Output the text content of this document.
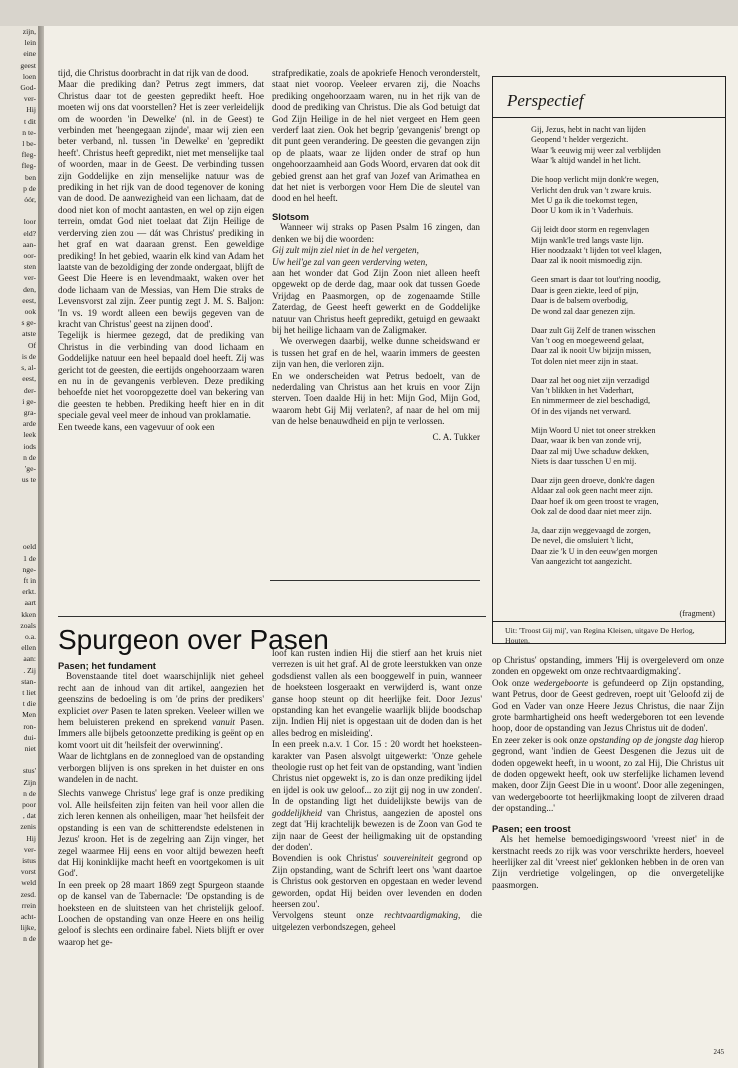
zijn,
lein
eine
geest
loen
God-
ver-
Hij
t dit
n te-
l be-
fleg-
fleg-
ben
p de
óór,

loor
eld?
aan-
oor-
sten
ver-
den,
eest,
ook
s ge-
atste
Of
is de
s, al-
eest,
der-
i ge-
gra-
arde
leek
iods
n de
'ge-
us te

oeld
1 de
nge-
ft in
erkt.
aart
kken
zoals
o.a.
ellen
aan:
. Zij
stan-
t liet
t die
Men
ron-
dui-
niet

stus'
Zijn
n de
poor
, dat
zenis
Hij
ver-
istus
vorst
weld
zesd.
rrein
acht-
lijke,
n de

tijd, die Christus doorbracht in dat rijk van de dood.

Maar die prediking dan? Petrus zegt immers, dat Christus daar tot de geesten gepredikt heeft. Hoe moeten wij ons dat voorstellen? Het is zeer verleidelijk om de woorden 'in Dewelke' (nl. in de Geest) te verbinden met 'heengegaan zijnde', maar wij zien een beter verband, nl. tussen 'in Dewelke' en 'gepredikt heeft'. Christus heeft gepredikt, niet met menselijke taal of woorden, maar in de Geest. De verbinding tussen zijn Goddelijke en zijn menselijke natuur was de prediking in het rijk van de dood tegenover de koning van de dood. De aanwezigheid van een lichaam, dat de dood niet kon of mocht aantasten, en wel op zijn eigen terrein, omdat God niet toelaat dat Zijn Heilige de verderving zien zou — dát was Christus' prediking in het graf en wat daaraan grenst. Een geweldige prediking! In het gebied, waarin elk kind van Adam het laatste van de bezoldiging der zonde ondergaat, blijft de Geest Die Heere is en levendmaakt, waken over het dode lichaam van de Messias, van Hem Die straks de Levensvorst zal zijn. Zeer puntig zegt J. M. S. Baljon: 'In vs. 19 wordt alleen een bewijs gegeven van de kracht van Christus' geest na zijnen dood'.

Tegelijk is hiermee gezegd, dat de prediking van Christus in die verbinding van dood lichaam en Goddelijke natuur een heel bepaald doel heeft. Zij was gericht tot de geesten, die eertijds ongehoorzaam waren en nu in de gevangenis verbleven. Deze prediking behoefde niet het vooropgezette doel van bekering van die geesten te hebben. Prediking heeft hier en in dit speciale geval veel meer de inhoud van proklamatie.

Een tweede kans, een vagevuur of ook een

strafpredikatie, zoals de apokriefe Henoch veronderstelt, staat niet voorop. Veeleer ervaren zij, die Noachs prediking ongehoorzaam waren, nu in het rijk van de dood de prediking van Christus. Die als God betuigt dat God Zijn Heilige in de hel niet vergeet en Hem geen verderf laat zien. Ook het begrip 'gevangenis' brengt op dit punt geen verandering. De geesten die gevangen zijn op de plaats, waar ze lijden onder de straf op hun ongehoorzaamheid aan Gods Woord, ervaren dat ook dit gebied grenst aan het graf van Jozef van Arimathea en dat het niet is verborgen voor Hem Die de sleutel van dood en hel heeft.

Slotsom

Wanneer wij straks op Pasen Psalm 16 zingen, dan denken we bij die woorden:
Gij zult mijn ziel niet in de hel vergeten,
Uw heil'ge zal van geen verderving weten,
aan het wonder dat God Zijn Zoon niet alleen heeft opgewekt op de derde dag, maar ook dat tussen Goede Vrijdag en Paasmorgen, op de zogenaamde Stille Zaterdag, de Geest heeft gewerkt en de Goddelijke natuur van Christus heeft gepredikt, getuigd en gewaakt bij het heilige lichaam van de Zaligmaker.

We overwegen daarbij, welke dunne scheidswand er is tussen het graf en de hel, waarin immers de geesten zijn van hen, die verloren zijn.

En we onderscheiden wat Petrus bedoelt, van de nederdaling van Christus aan het kruis en voor Zijn sterven. Toen daalde Hij in het: Mijn God, Mijn God, waarom hebt Gij Mij verlaten?, af naar de hel om mij van de helse benauwdheid en pijn te verlossen.

C. A. Tukker
Perspectief
Gij, Jezus, hebt in nacht van lijden
Geopend 't helder vergezicht.
Waar 'k eeuwig mij weer zal verblijden
Waar 'k altijd wandel in het licht.
Die hoop verlicht mijn donk're wegen,
Verlicht den druk van 't zware kruis.
Met U ga ik die toekomst tegen,
Door U kom ik in 't Vaderhuis.
Gij leidt door storm en regenvlagen
Mijn wank'le tred langs vaste lijn.
Hier noodzaakt 't lijden tot veel klagen,
Daar zal ik nooit mismoedig zijn.
Geen smart is daar tot lout'ring noodig,
Daar is geen ziekte, leed of pijn,
Daar is de balsem overbodig,
De wond zal daar genezen zijn.
Daar zult Gij Zelf de tranen wisschen
Van 't oog en moegeweend gelaat,
Daar zal ik nooit Uw bijzijn missen,
Tot dolen niet meer zijn in staat.
Daar zal het oog niet zijn verzadigd
Van 't blikken in het Vaderhart,
En nimmermeer de ziel beschadigd,
Of in des vijands net verward.
Mijn Woord U niet tot oneer strekken
Daar, waar ik ben van zonde vrij,
Daar zal mij Uwe schaduw dekken,
Niets is daar tusschen U en mij.
Daar zijn geen droeve, donk're dagen
Aldaar zal ook geen nacht meer zijn.
Daar hoef ik om geen troost te vragen,
Ook zal de dood daar niet meer zijn.
Ja, daar zijn weggevaagd de zorgen,
De nevel, die omsluiert 't licht,
Daar zie 'k U in den eeuw'gen morgen
Van aangezicht tot aangezicht.
(fragment)
Uit: 'Troost Gij mij', van Regina Kleisen, uitgave De Herlog, Houten.
Spurgeon over Pasen
Pasen; het fundament

Bovenstaande titel doet waarschijnlijk niet geheel recht aan de inhoud van dit artikel, aangezien het geenszins de bedoeling is om 'de prins der predikers' expliciet over Pasen te laten spreken. Veeleer willen we hem beluisteren prekend en sprekend vanuit Pasen. Immers alle bijbels getoonzette prediking is geënt op en komt voort uit dit 'heilsfeit der overwinning'.

Waar de lichtglans en de zonnegloed van de opstanding verborgen blijven is ons spreken in het duister en ons wandelen in de nacht.

Slechts vanwege Christus' lege graf is onze prediking vol. Alle heilsfeiten zijn feiten van heil voor allen die zich leren kennen als onheiligen, maar 'het heilsfeit der opstanding is een van de schitterendste edelstenen in Jezus' kroon. Het is de zegelring aan Zijn vinger, het zegel waarmee Hij eens en voor altijd bewezen heeft dat Hij koninklijke macht heeft en voortgekomen is uit God'.

In een preek op 28 maart 1869 zegt Spurgeon staande op de kansel van de Tabernacle: 'De opstanding is de hoeksteen en de sluitsteen van het christelijk geloof. Loochen de opstanding van onze Heere en ons heilig geloof is slechts een ordinaire fabel. Niets blijft er over waarop het ge-

loof kan rusten indien Hij die stierf aan het kruis niet verrezen is uit het graf. Al de grote leerstukken van onze godsdienst vallen als een booggewelf in puin, wanneer de hoeksteen losgeraakt en verwijderd is, want onze ganse hoop steunt op dit heerlijke feit. Door Jezus' opstanding kan het evangelie waarlijk blijde boodschap zijn. Indien Hij niet is opgestaan uit de doden dan is het alles bedrog en misleiding'.

In een preek n.a.v. 1 Cor. 15 : 20 wordt het hoeksteen-karakter van Pasen alsvolgt uitgewerkt: 'Onze gehele theologie rust op het feit van de opstanding, want 'indien Christus niet opgewekt is, zo is dan onze prediking ijdel en ijdel is ook uw geloof... zo zijt gij nog in uw zonden'. In de opstanding ligt het duidelijkste bewijs van de goddelijkheid van Christus, aangezien de apostel ons zegt dat 'Hij krachtelijk bewezen is de Zoon van God te zijn naar de Geest der heiligmaking uit de opstanding der doden'.

Bovendien is ook Christus' souvereiniteit gegrond op Zijn opstanding, want de Schrift leert ons 'want daartoe is Christus ook gestorven en opgestaan en weder levend geworden, opdat Hij beiden over levenden en doden heersen zou'.

Vervolgens steunt onze rechtvaardigmaking, die uitgelezen verbondszegen, geheel

op Christus' opstanding, immers 'Hij is overgeleverd om onze zonden en opgewekt om onze rechtvaardigmaking'.

Ook onze wedergeboorte is gefundeerd op Zijn opstanding, want Petrus, door de Geest gedreven, roept uit 'Geloofd zij de God en Vader van onze Heere Jezus Christus, die naar Zijn grote barmhartigheid ons heeft wedergeboren tot een levende hoop, door de opstanding van Jezus Christus uit de doden'.

En zeer zeker is ook onze opstanding op de jongste dag hierop gegrond, want 'indien de Geest Desgenen die Jezus uit de doden opgewekt heeft, in u woont, zo zal Hij, Die Christus uit de doden opgewekt heeft, ook uw sterfelijke lichamen levend maken, door Zijn Geest Die in u woont'. Door alle zegeningen, van wedergeboorte tot heerlijkmaking loopt de zilveren draad der opstanding...'

Pasen; een troost

Als het hemelse bemoedigingswoord 'vreest niet' in de kerstnacht reeds zo rijk was voor verschrikte herders, hoeveel heerlijker zal dit 'vreest niet' geklonken hebben in de oren van Zijn verdrietige volgelingen, op die onvergetelijke paasmorgen.

245
